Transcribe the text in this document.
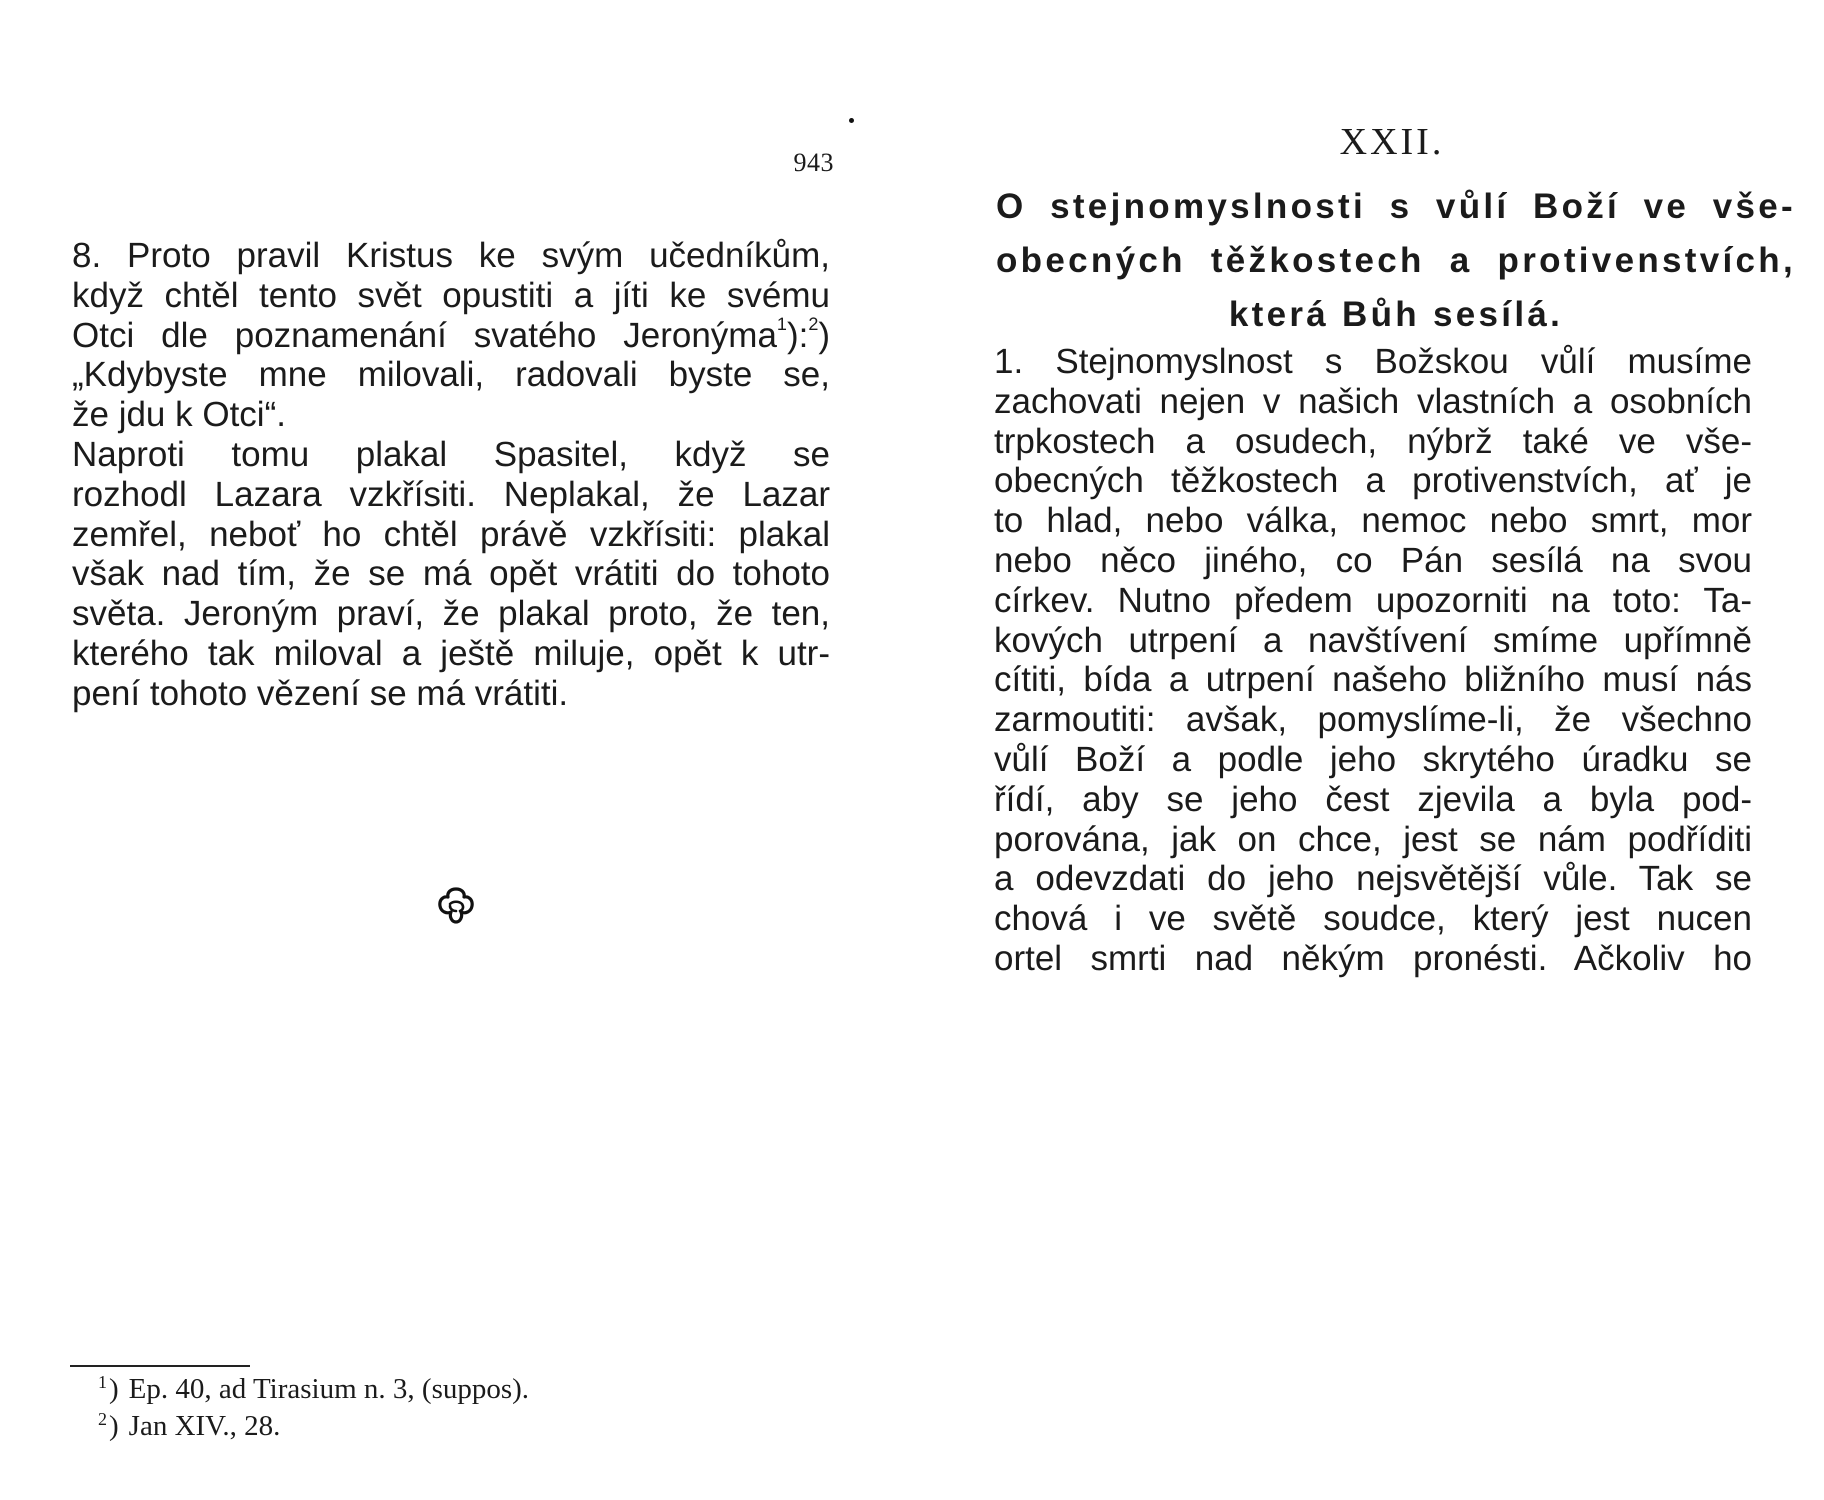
943
8. Proto pravil Kristus ke svým učedníkům,
když chtěl tento svět opustiti a jíti ke svému
Otci dle poznamenání svatého Jeronýma$^1$):$^2$)
„Kdybyste mne milovali, radovali byste se,
že jdu k Otci“.
Naproti tomu plakal Spasitel, když se
rozhodl Lazara vzkřísiti. Neplakal, že Lazar
zemřel, neboť ho chtěl právě vzkřísiti: plakal
však nad tím, že se má opět vrátiti do tohoto
světa. Jeroným praví, že plakal proto, že ten,
kterého tak miloval a ještě miluje, opět k utr-
pení tohoto vězení se má vrátiti.
1 ) Ep. 40, ad Tirasium n. 3, (suppos).
2 ) Jan XIV., 28.
XXII.
O stejnomyslnosti s vůlí Boží ve vše-
obecných těžkostech a protivenstvích,
která Bůh sesílá.
1. Stejnomyslnost s Božskou vůlí musíme
zachovati nejen v našich vlastních a osobních
trpkostech a osudech, nýbrž také ve vše-
obecných těžkostech a protivenstvích, ať je
to hlad, nebo válka, nemoc nebo smrt, mor
nebo něco jiného, co Pán sesílá na svou
církev. Nutno předem upozorniti na toto: Ta-
kových utrpení a navštívení smíme upřímně
cítiti, bída a utrpení našeho bližního musí nás
zarmoutiti: avšak, pomyslíme-li, že všechno
vůlí Boží a podle jeho skrytého úradku se
řídí, aby se jeho čest zjevila a byla pod-
porována, jak on chce, jest se nám podříditi
a odevzdati do jeho nejsvětější vůle. Tak se
chová i ve světě soudce, který jest nucen
ortel smrti nad někým pronésti. Ačkoliv ho
